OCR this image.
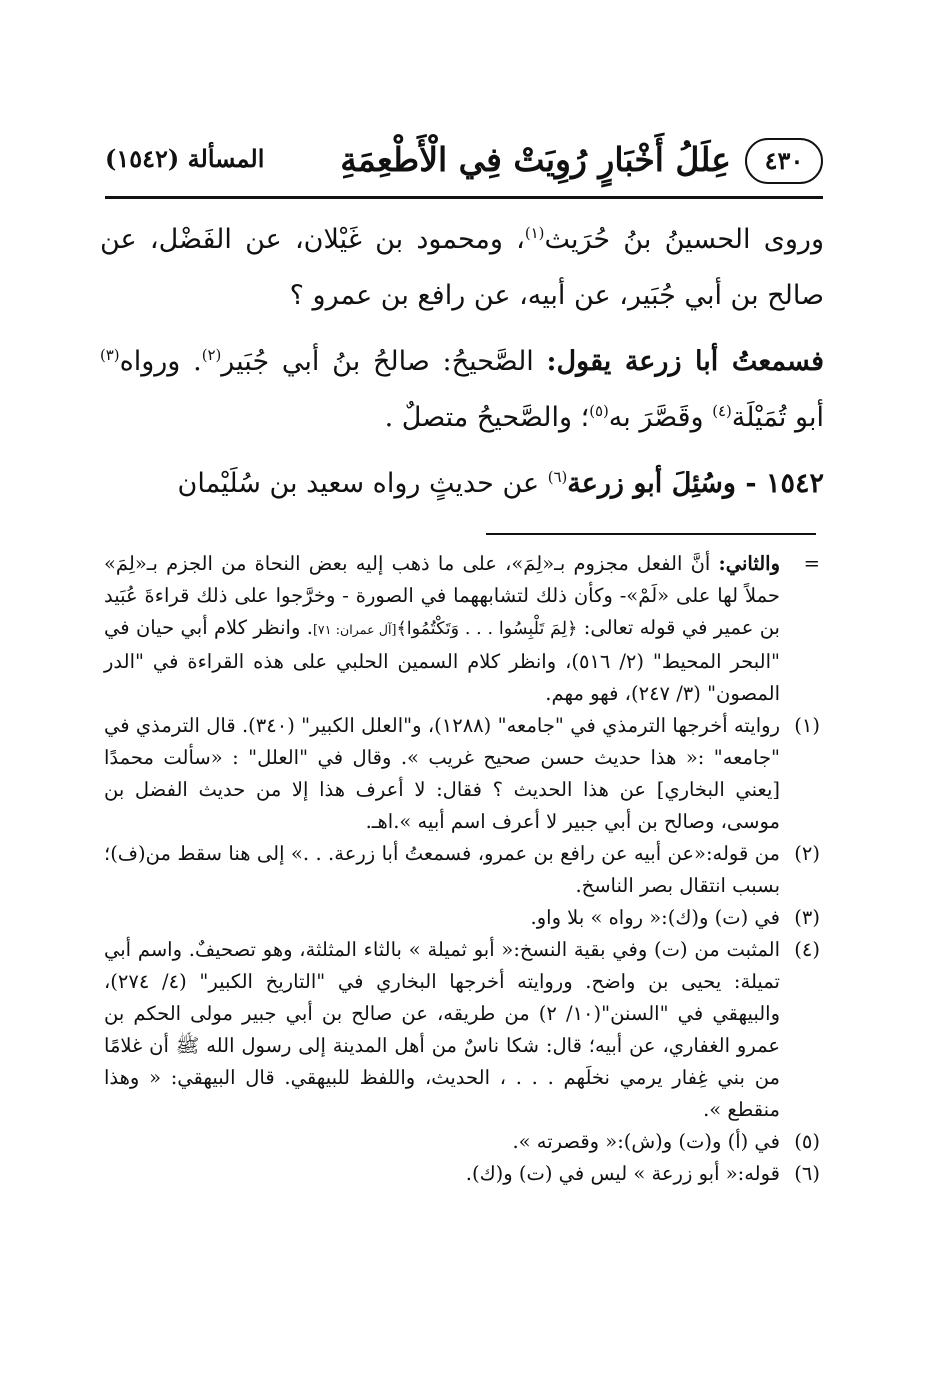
٤٣٠
عِلَلُ أَخْبَارٍ رُوِيَتْ فِي الْأَطْعِمَةِ
المسألة (١٥٤٢)

وروى الحسينُ بنُ حُرَيث$^{(١)}$، ومحمود بن غَيْلان، عن الفَضْل، عن صالح بن أبي جُبَير، عن أبيه، عن رافع بن عمرو ؟

فسمعتُ أبا زرعة يقول: الصَّحيحُ: صالحُ بنُ أبي جُبَير$^{(٢)}$. ورواه$^{(٣)}$ أبو تُمَيْلَة$^{(٤)}$ وقَصَّرَ به$^{(٥)}$؛ والصَّحيحُ متصلٌ .

١٥٤٢ - وسُئِلَ أبو زرعة$^{(٦)}$ عن حديثٍ رواه سعيد بن سُلَيْمان

=
والثاني: أنَّ الفعل مجزوم بـ«لِمَ»، على ما ذهب إليه بعض النحاة من الجزم بـ«لِمَ» حملاً لها على «لَمْ»- وكأن ذلك لتشابههما في الصورة - وخرَّجوا على ذلك قراءةَ عُبَيد بن عمير في قوله تعالى: ﴿لِمَ تَلْبِسُوا . . . وَتَكْتُمُوا﴾[آل عمران: ٧١]. وانظر كلام أبي حيان في "البحر المحيط" (٢/ ٥١٦)، وانظر كلام السمين الحلبي على هذه القراءة في "الدر المصون" (٣/ ٢٤٧)، فهو مهم.
(١)
روايته أخرجها الترمذي في "جامعه" (١٢٨٨)، و"العلل الكبير" (٣٤٠). قال الترمذي في "جامعه" :« هذا حديث حسن صحيح غريب ». وقال في "العلل" : «سألت محمدًا [يعني البخاري] عن هذا الحديث ؟ فقال: لا أعرف هذا إلا من حديث الفضل بن موسى، وصالح بن أبي جبير لا أعرف اسم أبيه ».اهـ.
(٢)
من قوله:«عن أبيه عن رافع بن عمرو، فسمعتُ أبا زرعة. . .» إلى هنا سقط من(ف)؛ بسبب انتقال بصر الناسخ.
(٣)
في (ت) و(ك):« رواه » بلا واو.
(٤)
المثبت من (ت) وفي بقية النسخ:« أبو ثميلة » بالثاء المثلثة، وهو تصحيفٌ. واسم أبي تميلة: يحيى بن واضح. وروايته أخرجها البخاري في "التاريخ الكبير" (٤/ ٢٧٤)، والبيهقي في "السنن"(١٠/ ٢) من طريقه، عن صالح بن أبي جبير مولى الحكم بن عمرو الغفاري، عن أبيه؛ قال: شكا ناسٌ من أهل المدينة إلى رسول الله ﷺ أن غلامًا من بني غِفار يرمي نخلَهم . . . ، الحديث، واللفظ للبيهقي. قال البيهقي: « وهذا منقطع ».
(٥)
في (أ) و(ت) و(ش):« وقصرته ».
(٦)
قوله:« أبو زرعة » ليس في (ت) و(ك).
